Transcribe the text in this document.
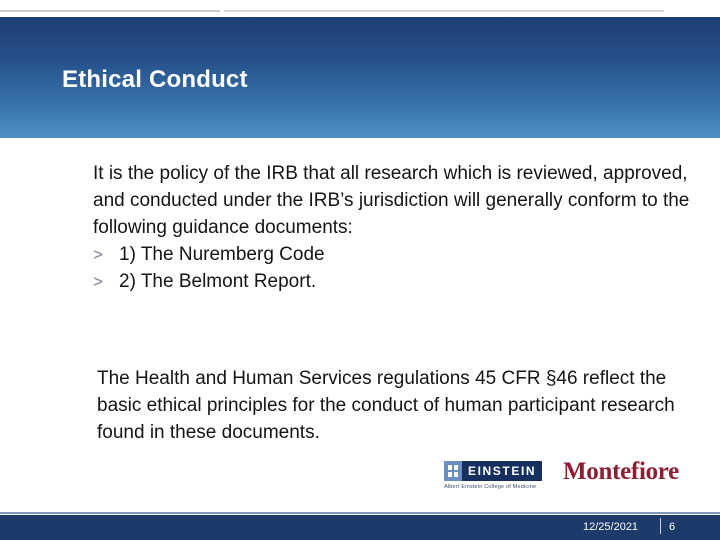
Ethical Conduct

It is the policy of the IRB that all research which is reviewed, approved, and conducted under the IRB’s jurisdiction will generally conform to the following guidance documents:

> 1) The Nuremberg Code
> 2) The Belmont Report.

The Health and Human Services regulations 45 CFR §46 reflect the basic ethical principles for the conduct of human participant research found in these documents.

EINSTEIN
Albert Einstein College of Medicine
Montefiore
12/25/2021	6
